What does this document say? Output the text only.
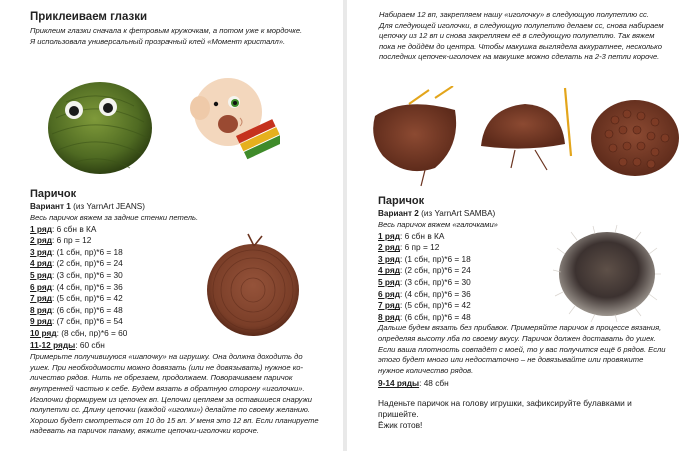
Приклеиваем глазки
Приклеим глазки сначала к фетровым кружочкам, а потом уже к мордочке.
Я использовала универсальный прозрачный клей «Момент кристалл».
Паричок
Вариант 1 (из YarnArt JEANS)
Весь паричок вяжем за задние стенки петель.
1 ряд: 6 сбн в КА
2 ряд: 6 пр = 12
3 ряд: (1 сбн, пр)*6 = 18
4 ряд: (2 сбн, пр)*6 = 24
5 ряд: (3 сбн, пр)*6 = 30
6 ряд: (4 сбн, пр)*6 = 36
7 ряд: (5 сбн, пр)*6 = 42
8 ряд: (6 сбн, пр)*6 = 48
9 ряд: (7 сбн, пр)*6 = 54
10 ряд: (8 сбн, пр)*6 = 60
11-12 ряды: 60 сбн
Примерьте получившуюся «шапочку» на игрушку. Она должна доходить до
ушек. При необходимости можно довязать (или не довязывать) нужное ко-
личество рядов. Нить не обрезаем, продолжаем. Поворачиваем паричок
внутренней частью к себе. Будем вязать в обратную сторону «иголочки».
Иголочки формируем из цепочек вп. Цепочки цепляем за оставшиеся снаружи
полупетли сс. Длину цепочки (каждой «иголки») делайте по своему желанию.
Хорошо будет смотреться от 10 до 15 вп. У меня это 12 вп. Если планируете
надевать на паричок панаму, вяжите цепочки-иголочки короче.
Набираем 12 вп, закрепляем нашу «иголочку» в следующую полупетлю сс.
Для следующей иголочки, в следующую полупетлю делаем сс, снова набираем
цепочку из 12 вп и снова закрепляем её в следующую полупетлю. Так вяжем
пока не дойдём до центра. Чтобы макушка выглядела аккуратнее, несколько
последних цепочек-иголочек на макушке можно сделать на 2-3 петли короче.
Паричок
Вариант 2 (из YarnArt SAMBA)
Весь паричок вяжем «галочками»
1 ряд: 6 сбн в КА
2 ряд: 6 пр = 12
3 ряд: (1 сбн, пр)*6 = 18
4 ряд: (2 сбн, пр)*6 = 24
5 ряд: (3 сбн, пр)*6 = 30
6 ряд: (4 сбн, пр)*6 = 36
7 ряд: (5 сбн, пр)*6 = 42
8 ряд: (6 сбн, пр)*6 = 48
Дальше будем вязать без прибавок. Примеряйте паричок в процессе вязания,
определяя высоту лба по своему вкусу. Паричок должен доставать до ушек.
Если ваша плотность совпадёт с моей, то у вас получится ещё 6 рядов. Если
этого будет много или недостаточно – не довязывайте или провяжите
нужное количество рядов.
9-14 ряды: 48 сбн
Наденьте паричок на голову игрушки, зафиксируйте булавками и
пришейте.
Ёжик готов!
